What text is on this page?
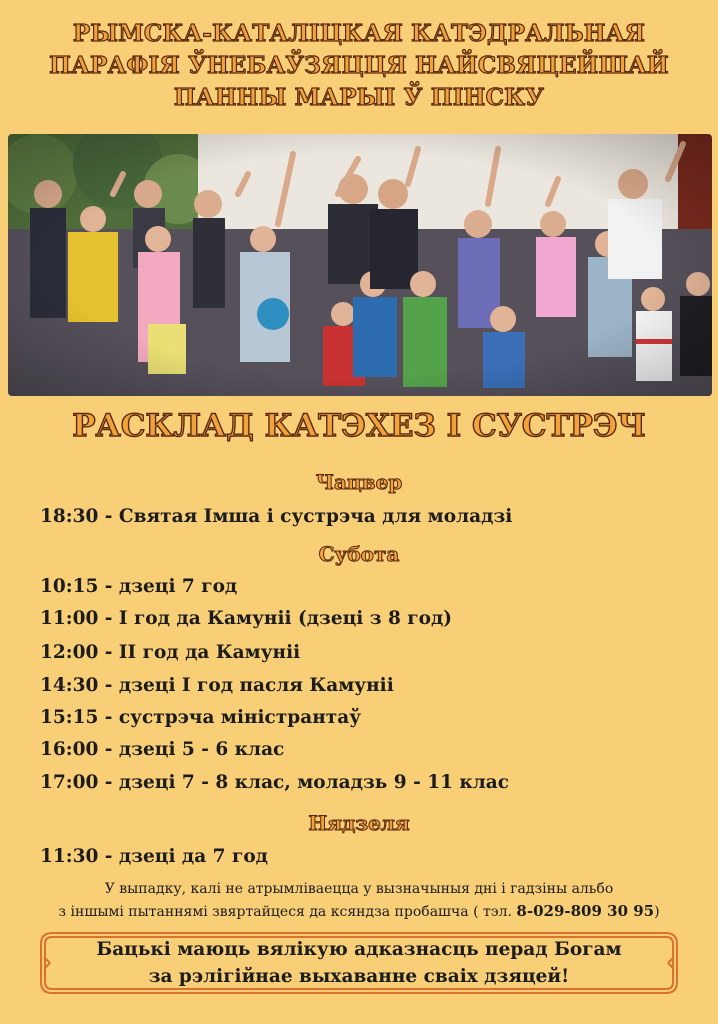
РЫМСКА-КАТАЛІЦКАЯ КАТЭДРАЛЬНАЯ
ПАРАФІЯ ЎНЕБАЎЗЯЦЦЯ НАЙСВЯЦЕЙШАЙ
ПАННЫ МАРЫІ Ў ПІНСКУ
РАСКЛАД КАТЭХЕЗ І СУСТРЭЧ
Чацвер
18:30 - Святая Імша і сустрэча для моладзі
Субота
10:15 - дзеці 7 год
11:00 - І год да Камуніі (дзеці з 8 год)
12:00 - ІІ год да Камуніі
14:30 - дзеці І год пасля Камуніі
15:15 - сустрэча міністрантаў
16:00 - дзеці 5 - 6 клас
17:00 - дзеці 7 - 8 клас, моладзь 9 - 11 клас
Нядзеля
11:30 - дзеці да 7 год
У выпадку, калі не атрымліваецца у вызначыныя дні і гадзіны альбо
з іншымі пытаннямі звяртайцеся да ксяндза пробашча ( тэл. 8-029-809 30 95)
Бацькі маюць вялікую адказнасць перад Богам
за рэлігійнае выхаванне сваіх дзяцей!
